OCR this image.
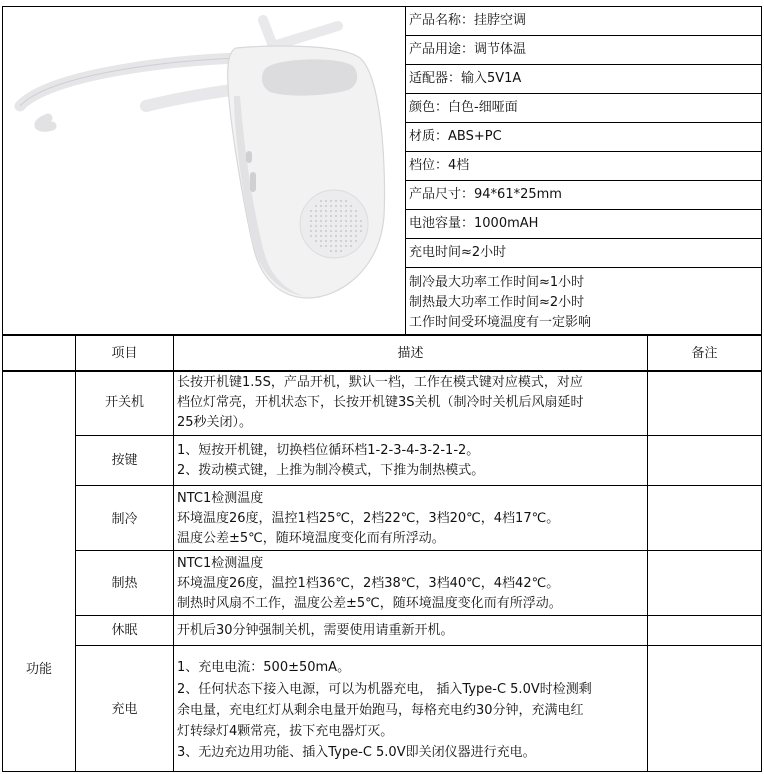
产品名称：挂脖空调
产品用途：调节体温
适配器：输入5V1A
颜色：白色-细哑面
材质：ABS+PC
档位：4档
产品尺寸：94*61*25mm
电池容量：1000mAH
充电时间≈2小时
制冷最大功率工作时间≈1小时
制热最大功率工作时间≈2小时
工作时间受环境温度有一定影响
项目	描述	备注
功能
开关机
按键
制冷
制热
休眠
充电
长按开机键1.5S，产品开机，默认一档，工作在模式键对应模式，对应
档位灯常亮，开机状态下，长按开机键3S关机（制冷时关机后风扇延时
25秒关闭）。
1、短按开机键，切换档位循环档1-2-3-4-3-2-1-2。
2、拨动模式键，上推为制冷模式，下推为制热模式。
NTC1检测温度
环境温度26度，温控1档25℃，2档22℃，3档20℃，4档17℃。
温度公差±5℃，随环境温度变化而有所浮动。
NTC1检测温度
环境温度26度，温控1档36℃，2档38℃，3档40℃，4档42℃。
制热时风扇不工作，温度公差±5℃，随环境温度变化而有所浮动。
开机后30分钟强制关机，需要使用请重新开机。
1、充电电流：500±50mA。
2、任何状态下接入电源，可以为机器充电， 插入Type-C 5.0V时检测剩
余电量，充电红灯从剩余电量开始跑马，每格充电约30分钟，充满电红
灯转绿灯4颗常亮，拔下充电器灯灭。
3、无边充边用功能、插入Type-C 5.0V即关闭仪器进行充电。
